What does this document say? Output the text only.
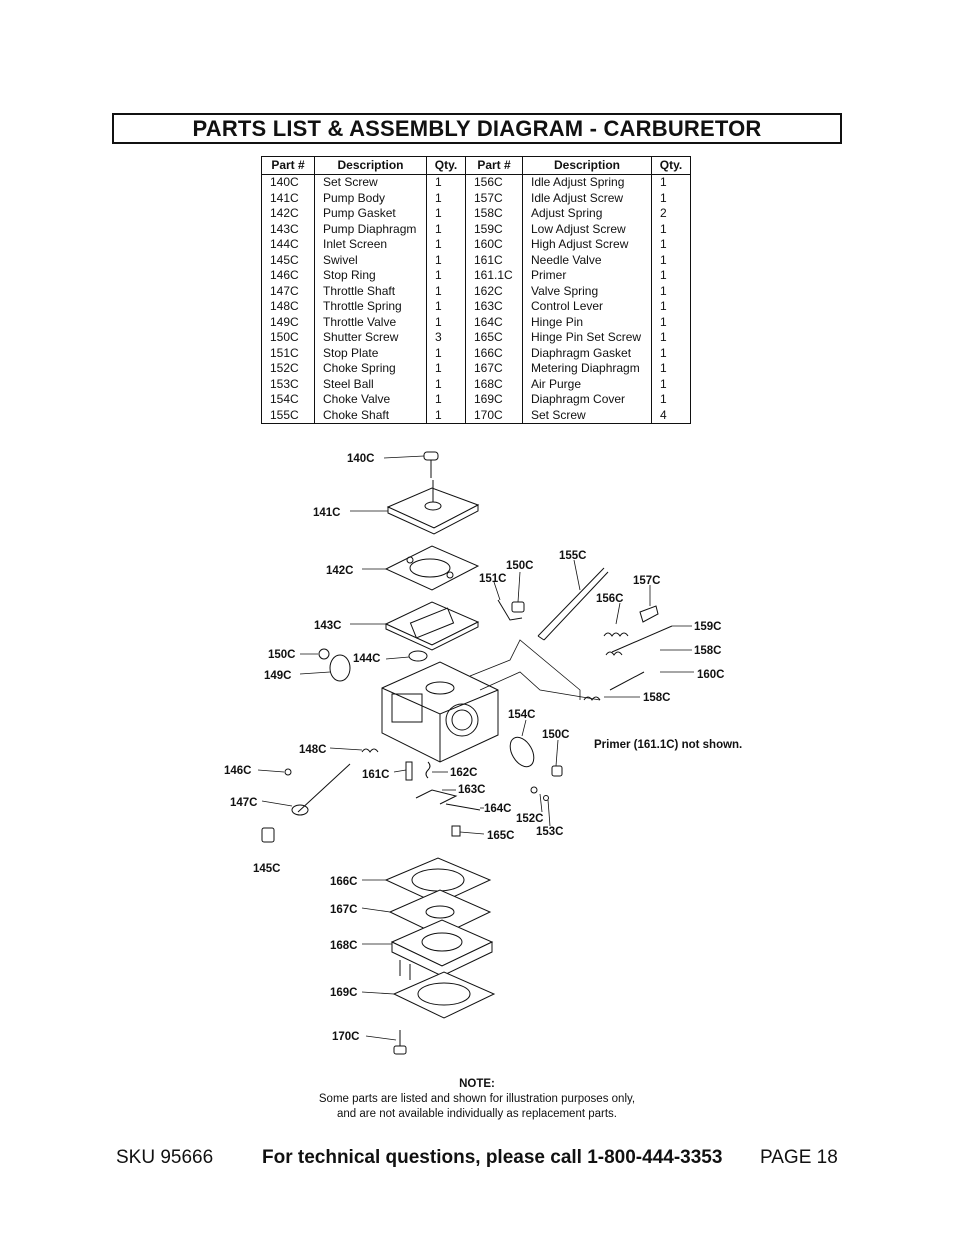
PARTS LIST & ASSEMBLY DIAGRAM - CARBURETOR
Part #	Description	Qty.	Part #	Description	Qty.
140C	Set Screw	1	156C	Idle Adjust Spring	1
141C	Pump Body	1	157C	Idle Adjust Screw	1
142C	Pump Gasket	1	158C	Adjust Spring	2
143C	Pump Diaphragm	1	159C	Low Adjust Screw	1
144C	Inlet Screen	1	160C	High Adjust Screw	1
145C	Swivel	1	161C	Needle Valve	1
146C	Stop Ring	1	161.1C	Primer	1
147C	Throttle Shaft	1	162C	Valve Spring	1
148C	Throttle Spring	1	163C	Control Lever	1
149C	Throttle Valve	1	164C	Hinge Pin	1
150C	Shutter Screw	3	165C	Hinge Pin Set Screw	1
151C	Stop Plate	1	166C	Diaphragm Gasket	1
152C	Choke Spring	1	167C	Metering Diaphragm	1
153C	Steel Ball	1	168C	Air Purge	1
154C	Choke Valve	1	169C	Diaphragm Cover	1
155C	Choke Shaft	1	170C	Set Screw	4
140C
141C
142C
143C
144C
145C
146C
147C
148C
149C
150C
150C
150C
151C
152C
153C
154C
155C
156C
157C
158C
158C
159C
160C
161C	162C
163C
164C
165C
166C
167C
168C
169C
170C
Primer (161.1C) not shown.
NOTE:
Some parts are listed and shown for illustration purposes only,
and are not available individually as replacement parts.
SKU 95666	For technical questions, please call 1-800-444-3353 PAGE 18
